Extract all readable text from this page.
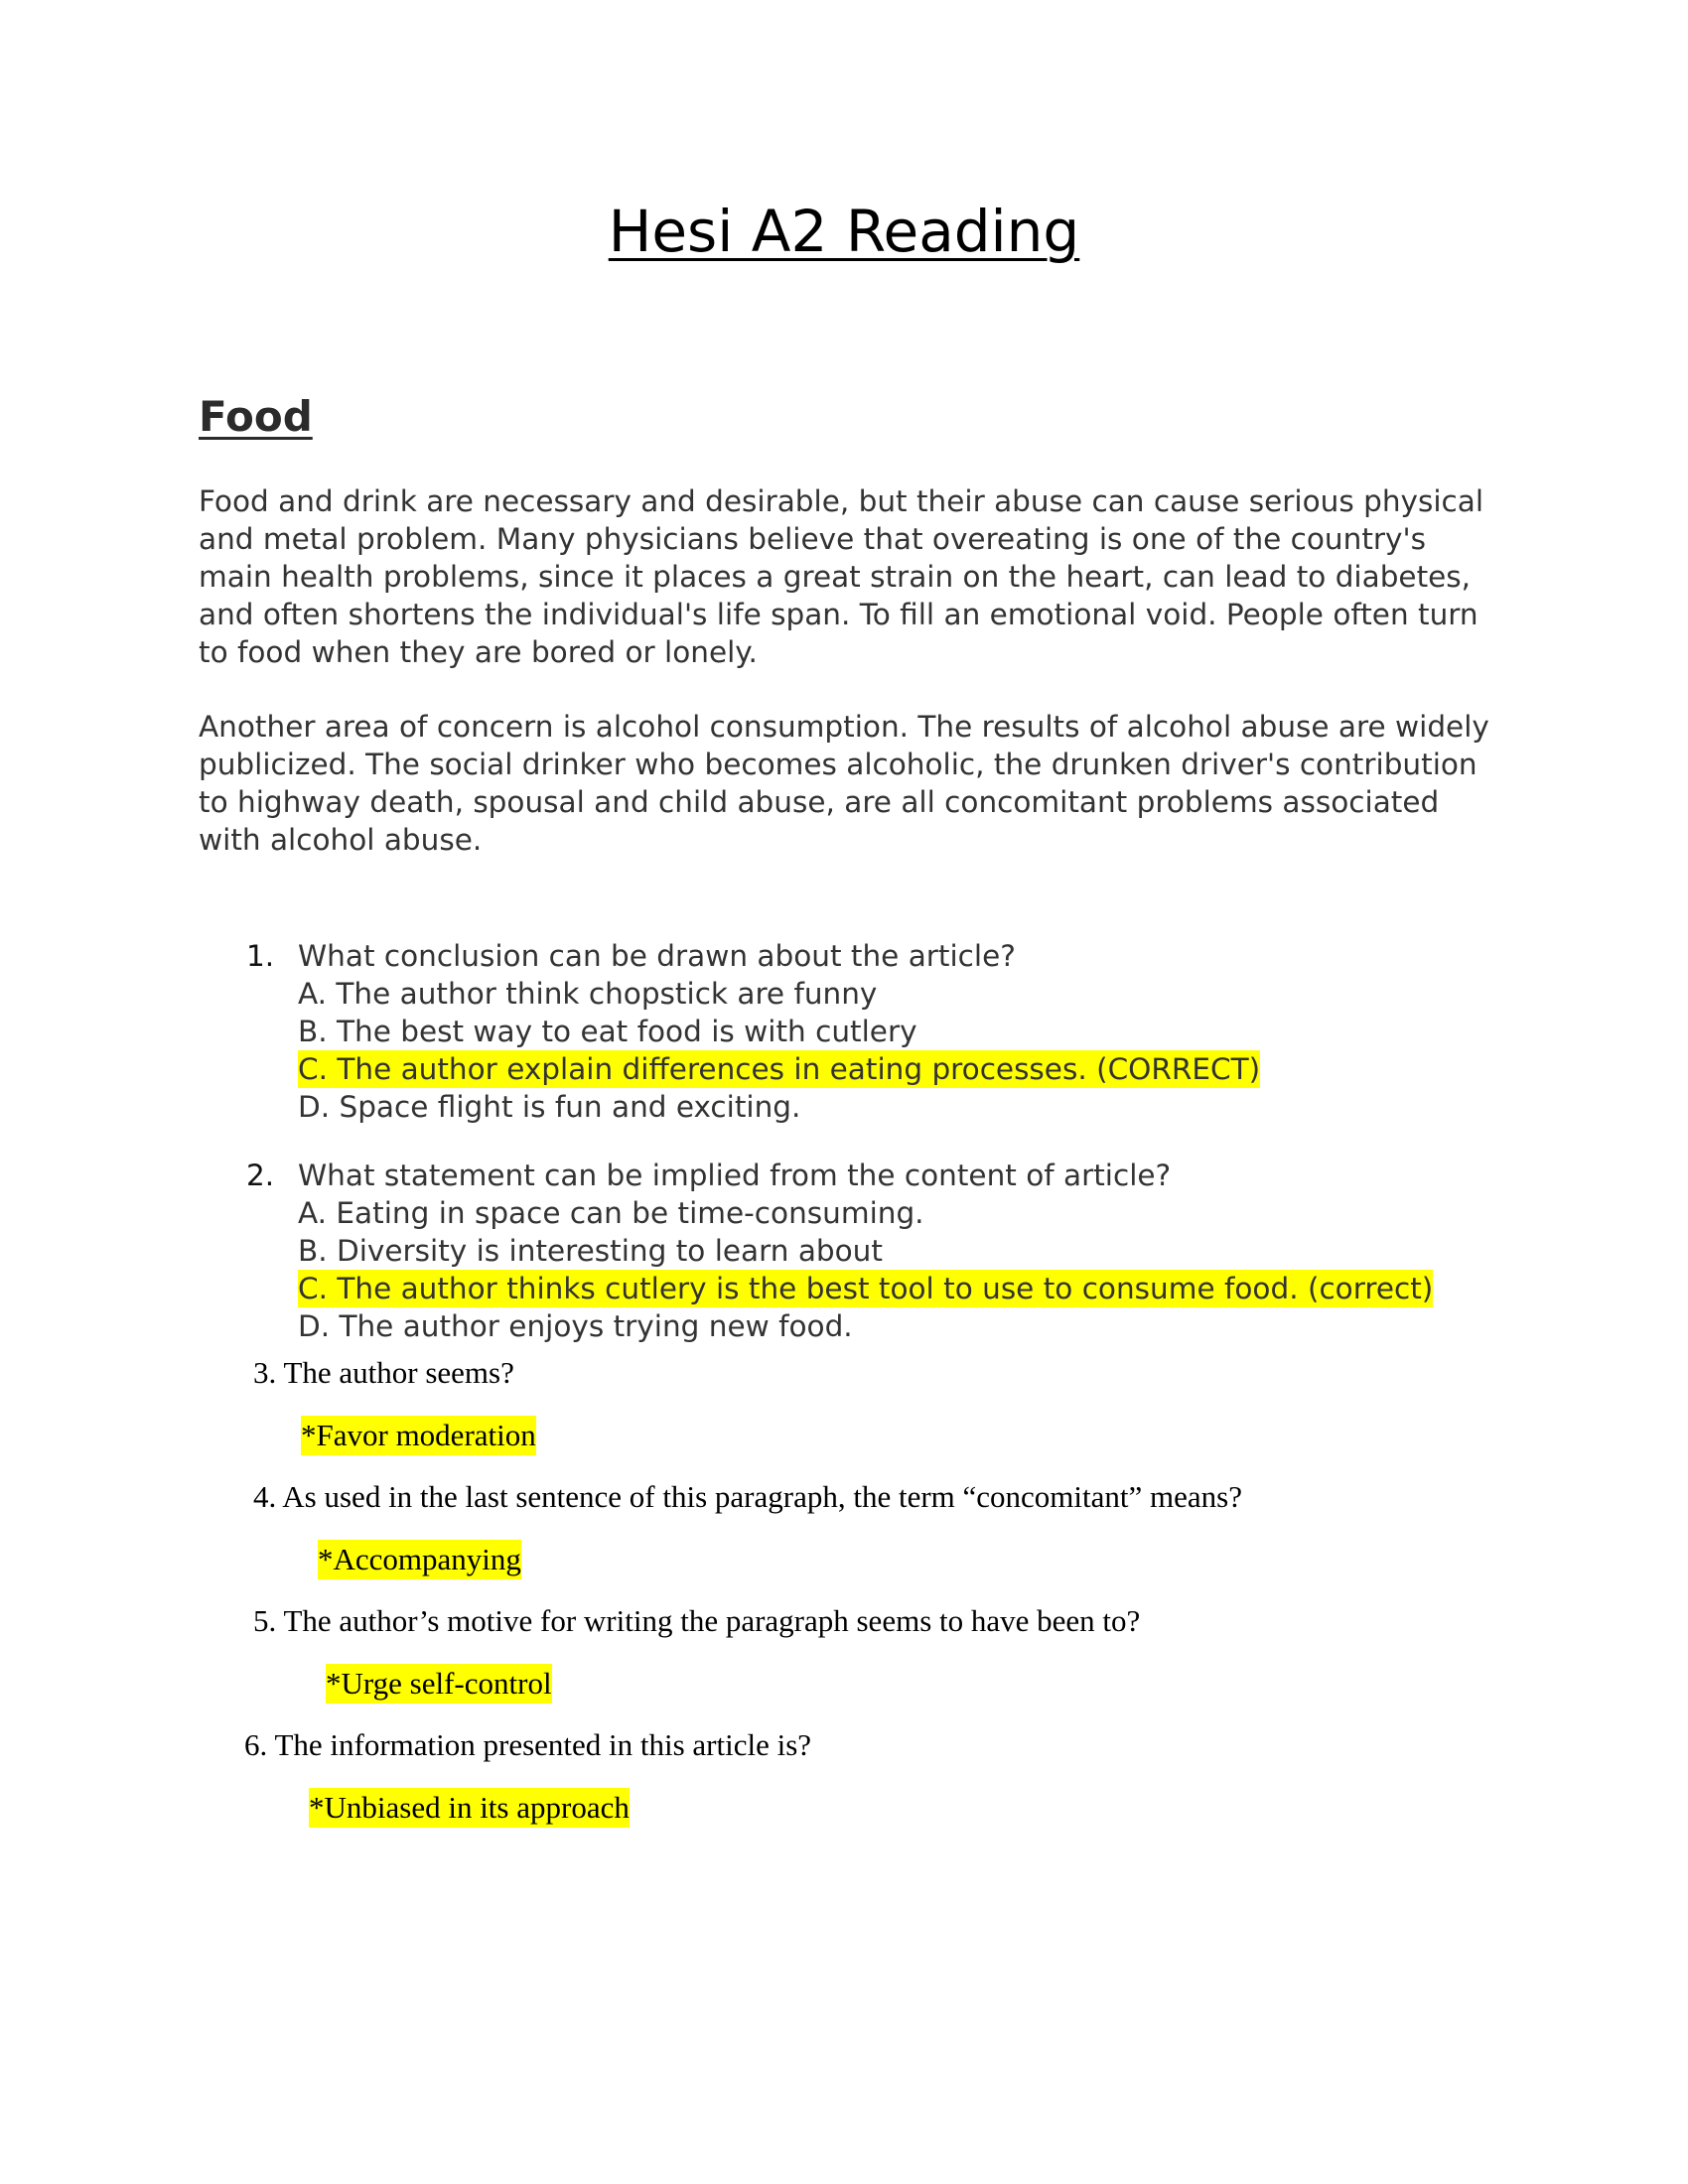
Hesi A2 Reading
Food

Food and drink are necessary and desirable, but their abuse can cause serious physical and metal problem. Many physicians believe that overeating is one of the country's main health problems, since it places a great strain on the heart, can lead to diabetes, and often shortens the individual's life span. To fill an emotional void. People often turn to food when they are bored or lonely.

Another area of concern is alcohol consumption. The results of alcohol abuse are widely publicized. The social drinker who becomes alcoholic, the drunken driver's contribution to highway death, spousal and child abuse, are all concomitant problems associated with alcohol abuse.

1. What conclusion can be drawn about the article?
A. The author think chopstick are funny
B. The best way to eat food is with cutlery
C. The author explain differences in eating processes. (CORRECT)
D. Space flight is fun and exciting.
2. What statement can be implied from the content of article?
A. Eating in space can be time-consuming.
B. Diversity is interesting to learn about
C. The author thinks cutlery is the best tool to use to consume food. (correct)
D. The author enjoys trying new food.
3. The author seems?
*Favor moderation
4. As used in the last sentence of this paragraph, the term “concomitant” means?
*Accompanying
5. The author’s motive for writing the paragraph seems to have been to?
*Urge self-control
6. The information presented in this article is?
*Unbiased in its approach
